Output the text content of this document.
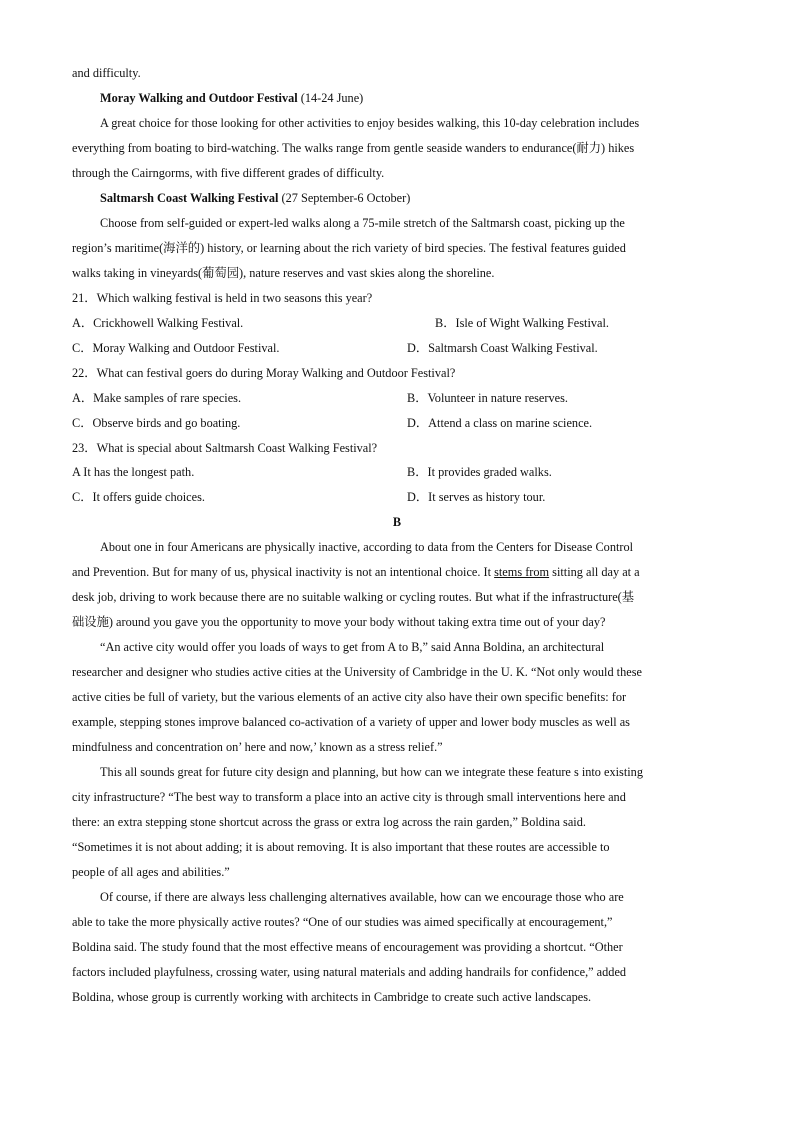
and difficulty.
Moray Walking and Outdoor Festival (14-24 June)
A great choice for those looking for other activities to enjoy besides walking, this 10-day celebration includes
everything from boating to bird-watching. The walks range from gentle seaside wanders to endurance(耐力) hikes
through the Cairngorms, with five different grades of difficulty.
Saltmarsh Coast Walking Festival (27 September-6 October)
Choose from self-guided or expert-led walks along a 75-mile stretch of the Saltmarsh coast, picking up the
region’s maritime(海洋的) history, or learning about the rich variety of bird species. The festival features guided
walks taking in vineyards(葡萄园), nature reserves and vast skies along the shoreline.
21．Which walking festival is held in two seasons this year?
A．Crickhowell Walking Festival.	B．Isle of Wight Walking Festival.
C．Moray Walking and Outdoor Festival.	D．Saltmarsh Coast Walking Festival.
22．What can festival goers do during Moray Walking and Outdoor Festival?
A．Make samples of rare species.	B．Volunteer in nature reserves.
C．Observe birds and go boating.	D．Attend a class on marine science.
23．What is special about Saltmarsh Coast Walking Festival?
A It has the longest path.	B．It provides graded walks.
C．It offers guide choices.	D．It serves as history tour.
B
About one in four Americans are physically inactive, according to data from the Centers for Disease Control
and Prevention. But for many of us, physical inactivity is not an intentional choice. It stems from sitting all day at a
desk job, driving to work because there are no suitable walking or cycling routes. But what if the infrastructure(基
础设施) around you gave you the opportunity to move your body without taking extra time out of your day?
“An active city would offer you loads of ways to get from A to B,” said Anna Boldina, an architectural
researcher and designer who studies active cities at the University of Cambridge in the U. K. “Not only would these
active cities be full of variety, but the various elements of an active city also have their own specific benefits: for
example, stepping stones improve balanced co-activation of a variety of upper and lower body muscles as well as
mindfulness and concentration on’ here and now,’ known as a stress relief.”
This all sounds great for future city design and planning, but how can we integrate these feature s into existing
city infrastructure? “The best way to transform a place into an active city is through small interventions here and
there: an extra stepping stone shortcut across the grass or extra log across the rain garden,” Boldina said.
“Sometimes it is not about adding; it is about removing. It is also important that these routes are accessible to
people of all ages and abilities.”
Of course, if there are always less challenging alternatives available, how can we encourage those who are
able to take the more physically active routes? “One of our studies was aimed specifically at encouragement,”
Boldina said. The study found that the most effective means of encouragement was providing a shortcut. “Other
factors included playfulness, crossing water, using natural materials and adding handrails for confidence,” added
Boldina, whose group is currently working with architects in Cambridge to create such active landscapes.
